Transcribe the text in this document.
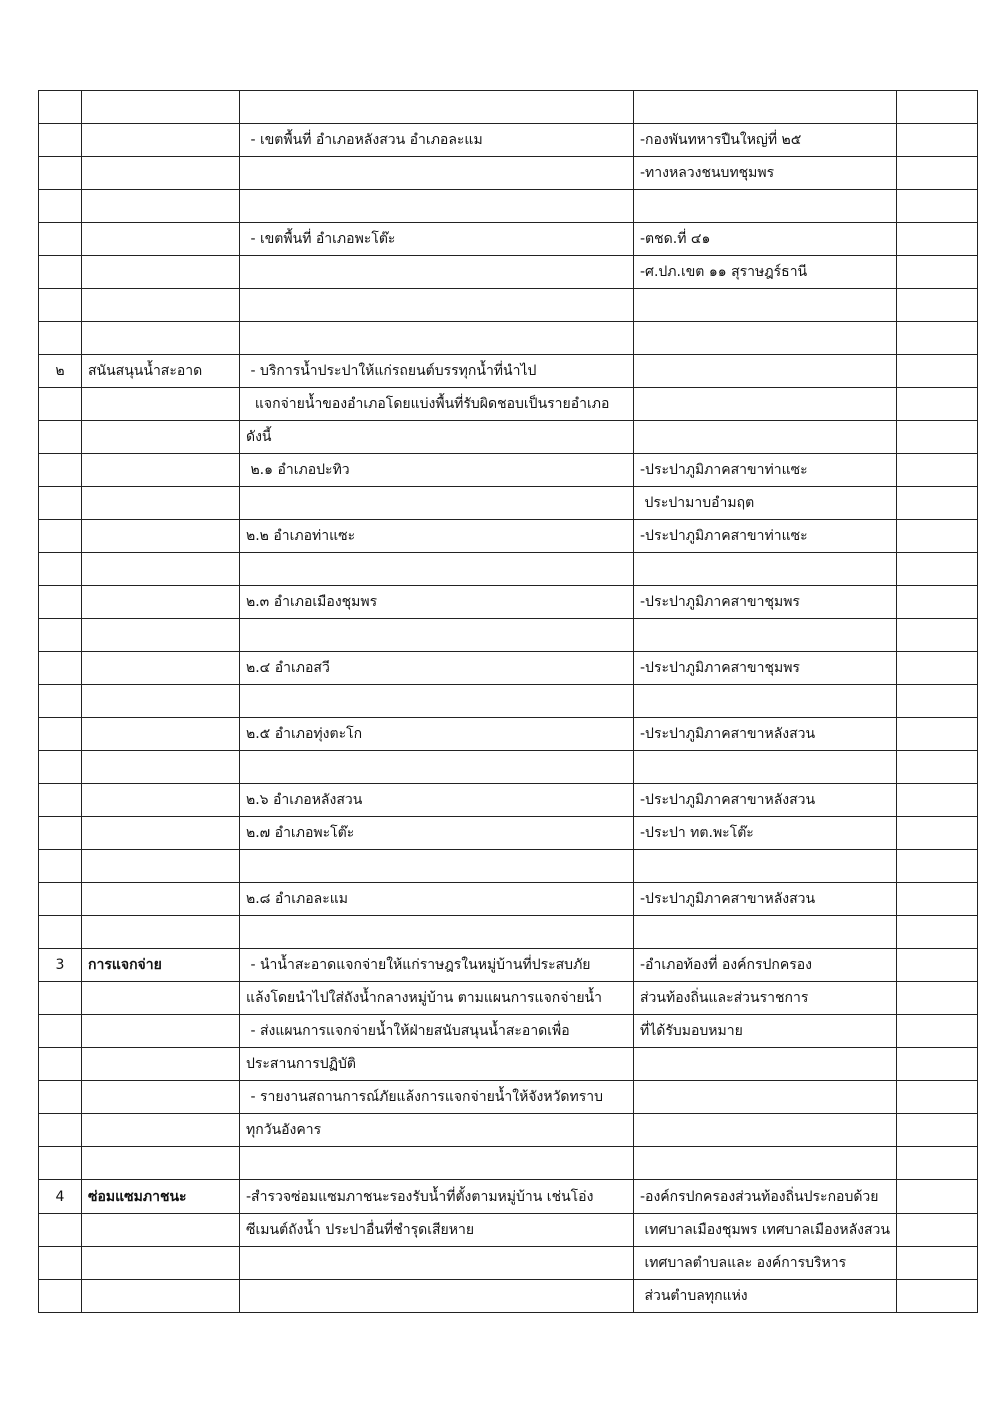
		- เขตพื้นที่ อำเภอหลังสวน อำเภอละแม	-กองพันทหารปืนใหญ่ที่ ๒๕	
			-ทางหลวงชนบทชุมพร	

		- เขตพื้นที่ อำเภอพะโต๊ะ	-ตชด.ที่ ๔๑	
			-ศ.ปภ.เขต ๑๑ สุราษฎร์ธานี	

๒	สนันสนุนน้ำสะอาด	- บริการน้ำประปาให้แก่รถยนต์บรรทุกน้ำที่นำไป		
		แจกจ่ายน้ำของอำเภอโดยแบ่งพื้นที่รับผิดชอบเป็นรายอำเภอ		
		ดังนี้		
		๒.๑ อำเภอปะทิว	-ประปาภูมิภาคสาขาท่าแซะ	
			ประปามาบอำมฤต	
		๒.๒ อำเภอท่าแซะ	-ประปาภูมิภาคสาขาท่าแซะ	

		๒.๓ อำเภอเมืองชุมพร	-ประปาภูมิภาคสาขาชุมพร	

		๒.๔ อำเภอสวี	-ประปาภูมิภาคสาขาชุมพร	

		๒.๕ อำเภอทุ่งตะโก	-ประปาภูมิภาคสาขาหลังสวน	

		๒.๖ อำเภอหลังสวน	-ประปาภูมิภาคสาขาหลังสวน	
		๒.๗ อำเภอพะโต๊ะ	-ประปา ทต.พะโต๊ะ	

		๒.๘ อำเภอละแม	-ประปาภูมิภาคสาขาหลังสวน	

3	การแจกจ่าย	- นำน้ำสะอาดแจกจ่ายให้แก่ราษฎรในหมู่บ้านที่ประสบภัย	-อำเภอท้องที่ องค์กรปกครอง	
		แล้งโดยนำไปใส่ถังน้ำกลางหมู่บ้าน ตามแผนการแจกจ่ายน้ำ	ส่วนท้องถิ่นและส่วนราชการ	
		- ส่งแผนการแจกจ่ายน้ำให้ฝ่ายสนับสนุนน้ำสะอาดเพื่อ	ที่ได้รับมอบหมาย	
		ประสานการปฏิบัติ		
		- รายงานสถานการณ์ภัยแล้งการแจกจ่ายน้ำให้จังหวัดทราบ		
		ทุกวันอังคาร		

4	ซ่อมแซมภาชนะ	-สำรวจซ่อมแซมภาชนะรองรับน้ำที่ตั้งตามหมู่บ้าน เช่นโอ่ง	-องค์กรปกครองส่วนท้องถิ่นประกอบด้วย	
		ซีเมนต์ถังน้ำ ประปาอื่นที่ชำรุดเสียหาย	เทศบาลเมืองชุมพร เทศบาลเมืองหลังสวน	
			เทศบาลตำบลและ องค์การบริหาร	
			ส่วนตำบลทุกแห่ง	
